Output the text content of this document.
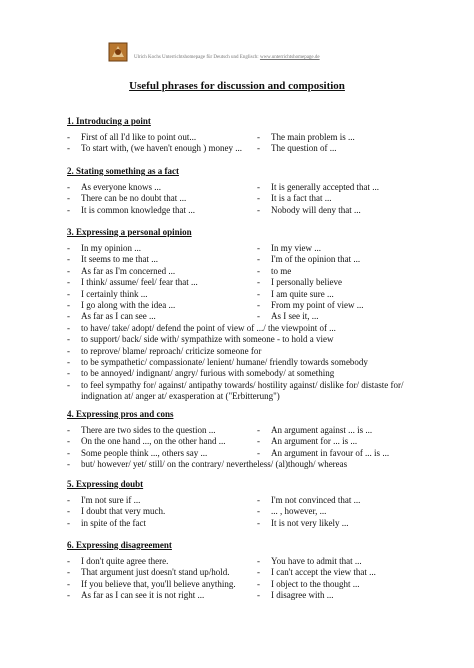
Ulrich Kochs Unterrichtshomepage für Deutsch und Englisch: www.unterrichtshomepage.de
Useful phrases for discussion and composition
1. Introducing a point
-	First of all I'd like to point out...	-	The main problem is ...
-	To start with, (we haven't enough ) money ... -	The question of ...
2. Stating something as a fact
-	As everyone knows ...	-	It is generally accepted that ...
-	There can be no doubt that ...	-	It is a fact that ...
-	It is common knowledge that ...	-	Nobody will deny that ...
3. Expressing a personal opinion
-	In my opinion ...	-	In my view ...
-	It seems to me that ...	-	I'm of the opinion that ...
-	As far as I'm concerned ...	-	to me
-	I think/ assume/ feel/ fear that ...	-	I personally believe
-	I certainly think ...	-	I am quite sure ...
-	I go along with the idea ...	-	From my point of view ...
-	As far as I can see ...	-	As I see it, ...
-	to have/ take/ adopt/ defend the point of view of .../ the viewpoint of ...
-	to support/ back/ side with/ sympathize with someone - to hold a view
-	to reprove/ blame/ reproach/ criticize someone for
-	to be sympathetic/ compassionate/ lenient/ humane/ friendly towards somebody
-	to be annoyed/ indignant/ angry/ furious with somebody/ at something
-	to feel sympathy for/ against/ antipathy towards/ hostility against/ dislike for/ distaste for/
indignation at/ anger at/ exasperation at ("Erbitterung")
4. Expressing pros and cons
-	There are two sides to the question ...	-	An argument against ... is ...
-	On the one hand ..., on the other hand ...	-	An argument for ... is ...
-	Some people think ..., others say ...	-	An argument in favour of ... is ...
-	but/ however/ yet/ still/ on the contrary/ nevertheless/ (al)though/ whereas
5. Expressing doubt
-	I'm not sure if ...	-	I'm not convinced that ...
-	I doubt that very much.	-	... , however, ...
-	in spite of the fact	-	It is not very likely ...
6. Expressing disagreement
-	I don't quite agree there.	-	You have to admit that ...
-	That argument just doesn't stand up/hold.	-	I can't accept the view that ...
-	If you believe that, you'll believe anything. -	I object to the thought ...
-	As far as I can see it is not right ...	-	I disagree with ...
